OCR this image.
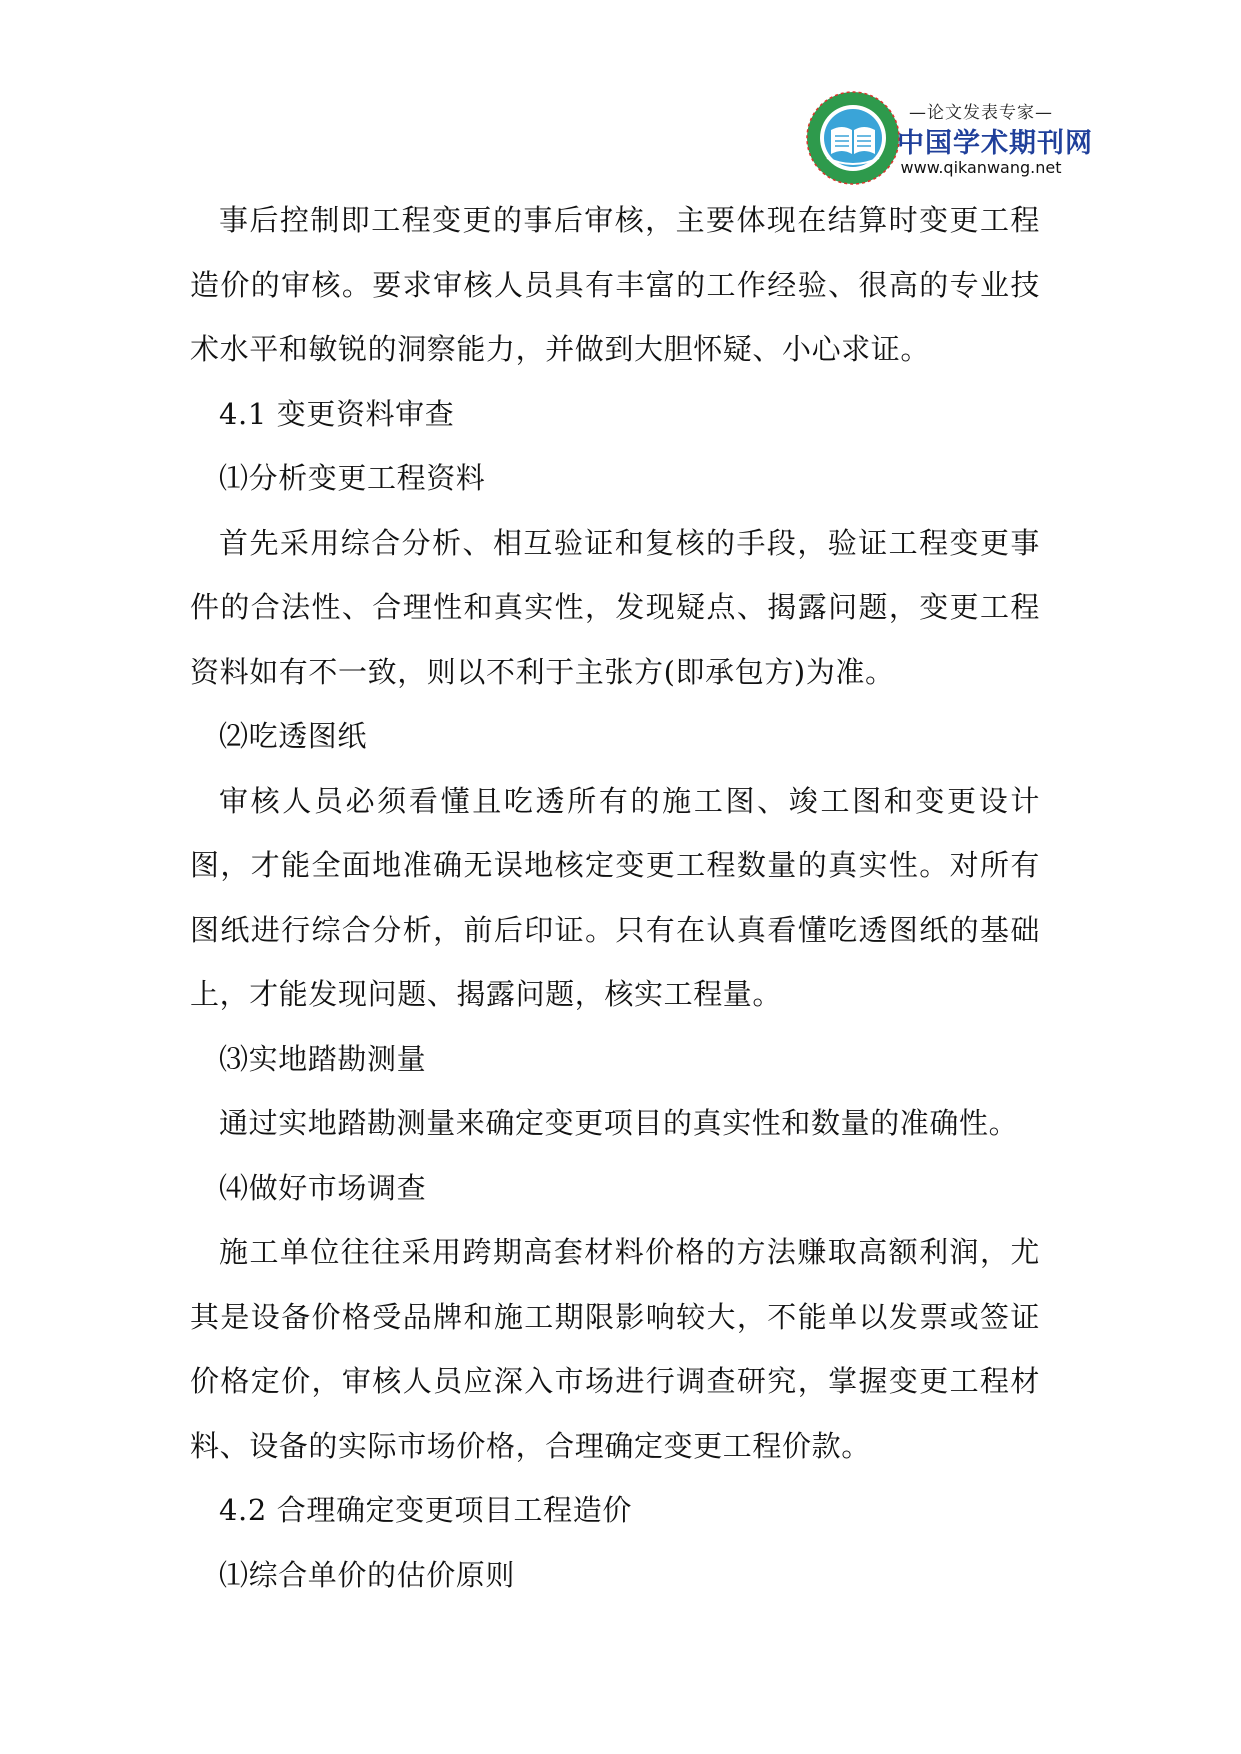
—论文发表专家—
中国学术期刊网
www.qikanwang.net

事后控制即工程变更的事后审核，主要体现在结算时变更工程造价的审核。要求审核人员具有丰富的工作经验、很高的专业技术水平和敏锐的洞察能力，并做到大胆怀疑、小心求证。

4.1 变更资料审查

⑴分析变更工程资料

首先采用综合分析、相互验证和复核的手段，验证工程变更事件的合法性、合理性和真实性，发现疑点、揭露问题，变更工程资料如有不一致，则以不利于主张方(即承包方)为准。

⑵吃透图纸

审核人员必须看懂且吃透所有的施工图、竣工图和变更设计图，才能全面地准确无误地核定变更工程数量的真实性。对所有图纸进行综合分析，前后印证。只有在认真看懂吃透图纸的基础上，才能发现问题、揭露问题，核实工程量。

⑶实地踏勘测量

通过实地踏勘测量来确定变更项目的真实性和数量的准确性。

⑷做好市场调查

施工单位往往采用跨期高套材料价格的方法赚取高额利润，尤其是设备价格受品牌和施工期限影响较大，不能单以发票或签证价格定价，审核人员应深入市场进行调查研究，掌握变更工程材料、设备的实际市场价格，合理确定变更工程价款。

4.2 合理确定变更项目工程造价

⑴综合单价的估价原则
